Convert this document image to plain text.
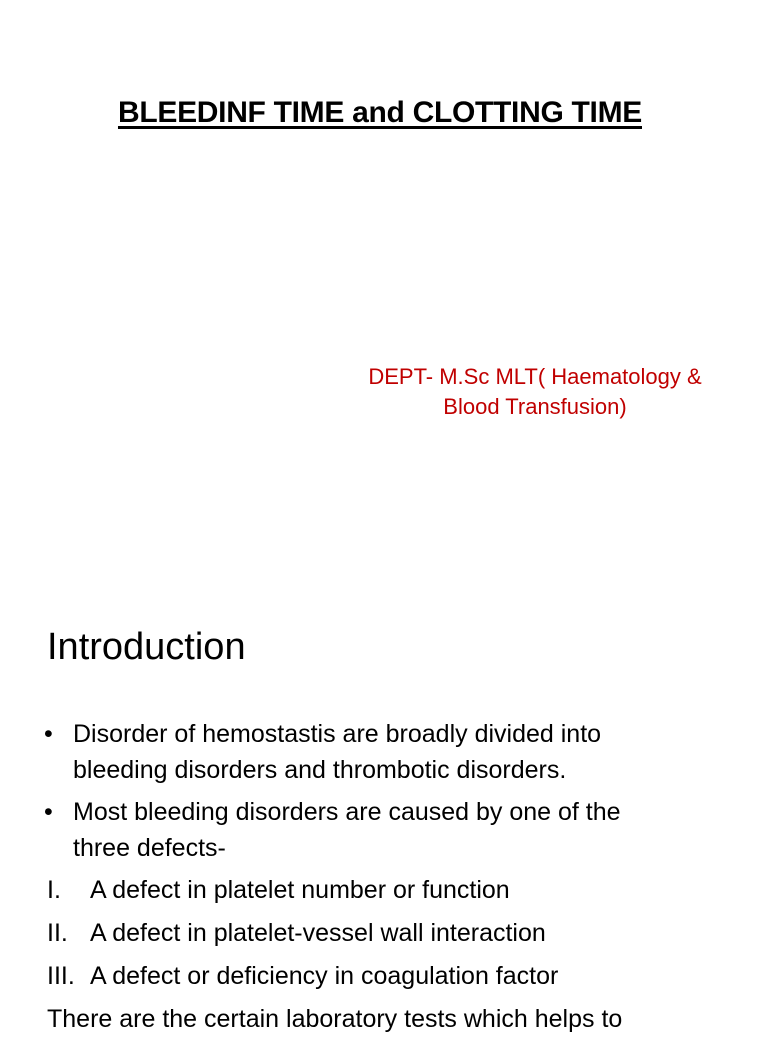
BLEEDINF TIME and CLOTTING TIME
DEPT- M.Sc MLT( Haematology &
Blood Transfusion)
Introduction
• Disorder of hemostastis are broadly divided into
bleeding disorders and thrombotic disorders.
• Most bleeding disorders are caused by one of the
three defects-
I. A defect in platelet number or function
II. A defect in platelet-vessel wall interaction
III. A defect or deficiency in coagulation factor
There are the certain laboratory tests which helps to
